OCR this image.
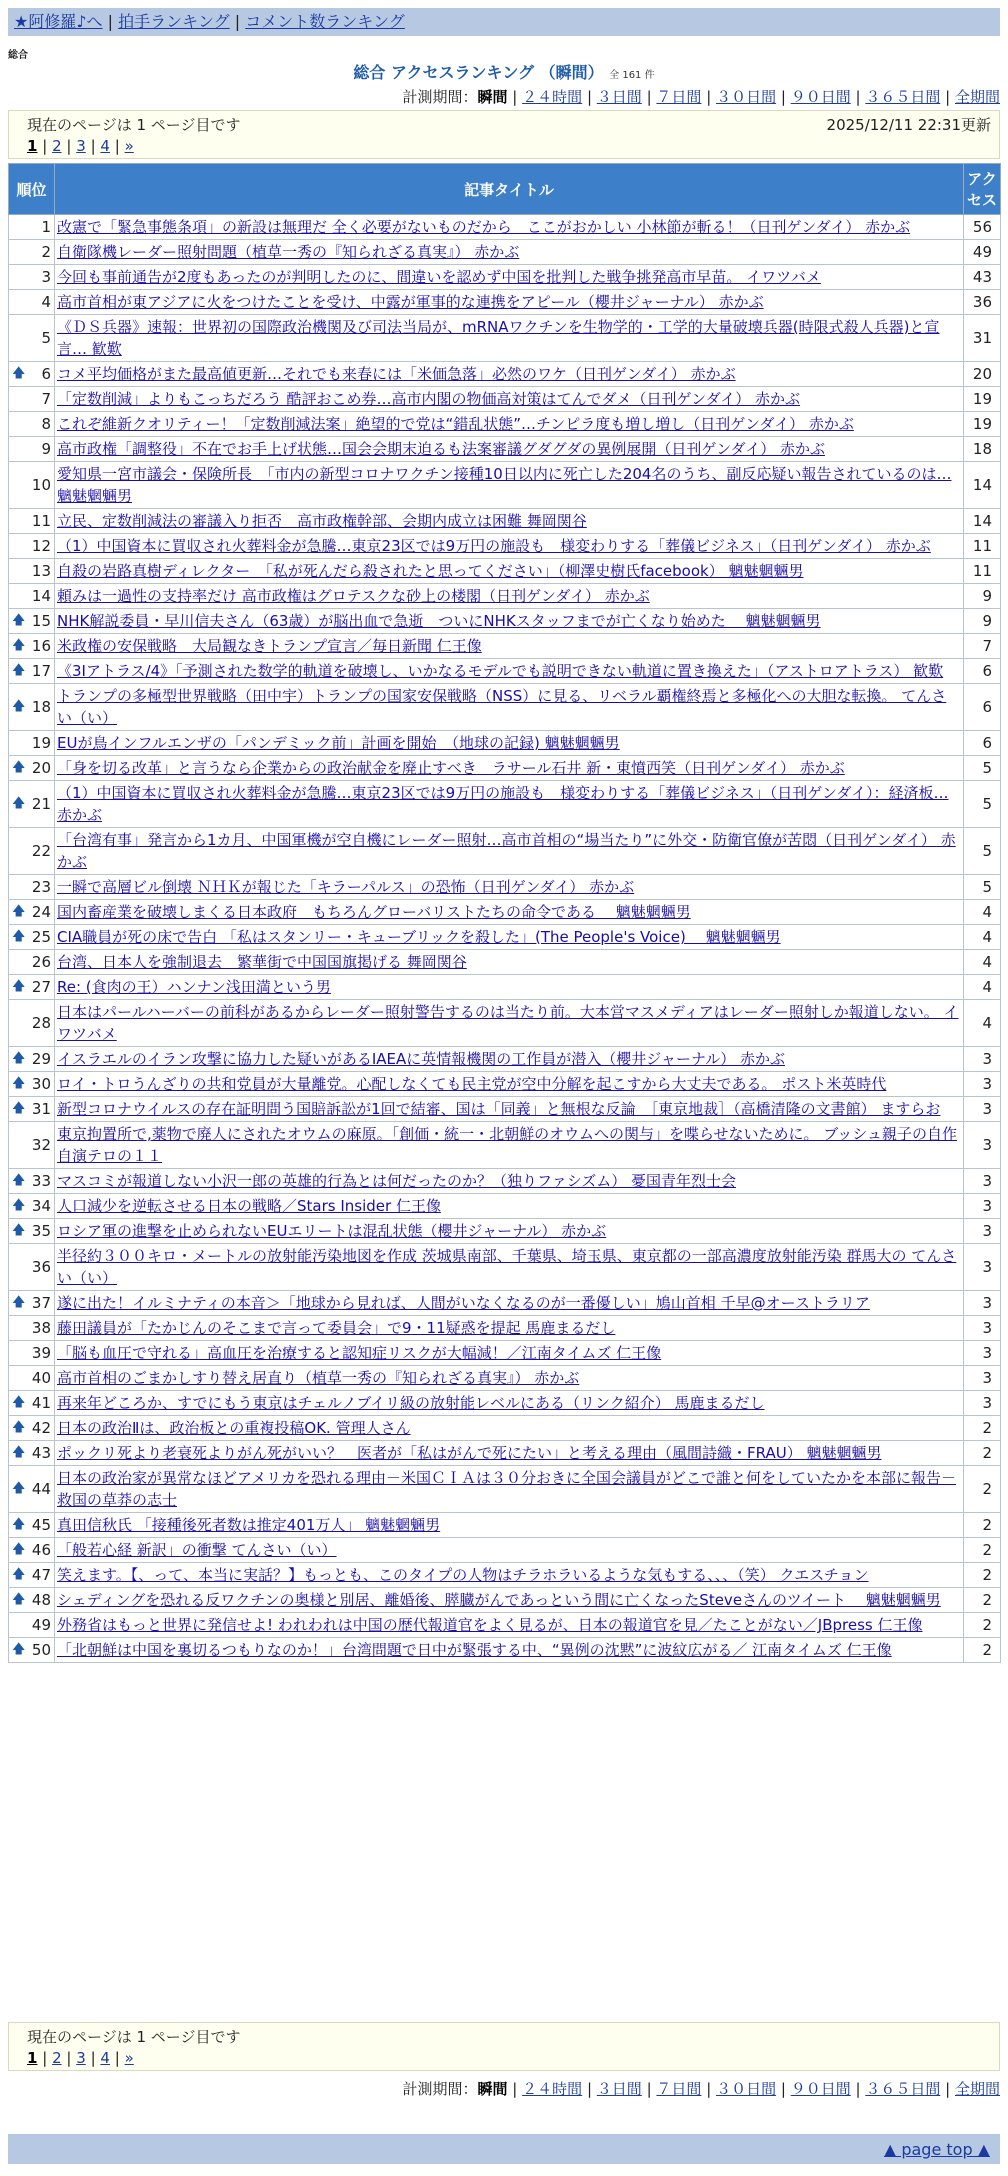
★阿修羅♪へ | 拍手ランキング | コメント数ランキング
総合
総合 アクセスランキング （瞬間） 全 161 件
計測期間：瞬間 | ２４時間 | ３日間 | ７日間 | ３０日間 | ９０日間 | ３６５日間 | 全期間
現在のページは 1 ページ目です	2025/12/11 22:31更新
1 | 2 | 3 | 4 | »
順位	記事タイトル	アクセス
1	改憲で「緊急事態条項」の新設は無理だ 全く必要がないものだから　ここがおかしい 小林節が斬る！（日刊ゲンダイ） 赤かぶ	56
2	自衛隊機レーダー照射問題（植草一秀の『知られざる真実』） 赤かぶ	49
3	今回も事前通告が2度もあったのが判明したのに、間違いを認めず中国を批判した戦争挑発高市早苗。 イワツバメ	43
4	高市首相が東アジアに火をつけたことを受け、中露が軍事的な連携をアピール（櫻井ジャーナル） 赤かぶ	36
5	《ＤＳ兵器》速報：世界初の国際政治機関及び司法当局が、mRNAワクチンを生物学的・工学的大量破壊兵器(時限式殺人兵器)と宣言… 歓歎	31

🡅 6	コメ平均価格がまた最高値更新…それでも来春には「米価急落」必然のワケ（日刊ゲンダイ） 赤かぶ	20
7	「定数削減」よりもこっちだろう 酷評おこめ券…高市内閣の物価高対策はてんでダメ（日刊ゲンダイ） 赤かぶ	19
8	これぞ維新クオリティー！「定数削減法案」絶望的で党は“錯乱状態”…チンピラ度も増し増し（日刊ゲンダイ） 赤かぶ	19
9	高市政権「調整役」不在でお手上げ状態…国会会期末迫るも法案審議グダグダの異例展開（日刊ゲンダイ） 赤かぶ	18
10	愛知県一宮市議会・保険所長　「市内の新型コロナワクチン接種10日以内に死亡した204名のうち、副反応疑い報告されているのは… 魑魅魍魎男	14
11	立民、定数削減法の審議入り拒否　高市政権幹部、会期内成立は困難 舞岡関谷	14
12	（1）中国資本に買収され火葬料金が急騰…東京23区では9万円の施設も　様変わりする「葬儀ビジネス」（日刊ゲンダイ） 赤かぶ	11
13	自殺の岩路真樹ディレクター　「私が死んだら殺されたと思ってください」（柳澤史樹氏facebook） 魑魅魍魎男	11
14	頼みは一過性の支持率だけ 高市政権はグロテスクな砂上の楼閣（日刊ゲンダイ） 赤かぶ	9

🡅 15	NHK解説委員・早川信夫さん（63歳）が脳出血で急逝　ついにNHKスタッフまでが亡くなり始めた　 魑魅魍魎男	9

🡅 16	米政権の安保戦略　大局観なきトランプ宣言／毎日新聞 仁王像	7

🡅 17	《3Iアトラス/4》「予測された数学的軌道を破壊し、いかなるモデルでも説明できない軌道に置き換えた」（アストロアトラス） 歓歎	6

🡅 18	トランプの多極型世界戦略（田中宇）トランプの国家安保戦略（NSS）に見る、リベラル覇権終焉と多極化への大胆な転換。 てんさい（い）	6
19	EUが鳥インフルエンザの「パンデミック前」計画を開始　（地球の記録) 魑魅魍魎男	6

🡅 20	「身を切る改革」と言うなら企業からの政治献金を廃止すべき　ラサール石井 新・東憤西笑（日刊ゲンダイ） 赤かぶ	5

🡅 21	（1）中国資本に買収され火葬料金が急騰…東京23区では9万円の施設も　様変わりする「葬儀ビジネス」（日刊ゲンダイ）：経済板… 赤かぶ	5
22	「台湾有事」発言から1カ月、中国軍機が空自機にレーダー照射…高市首相の“場当たり”に外交・防衛官僚が苦悶（日刊ゲンダイ） 赤かぶ	5
23	一瞬で高層ビル倒壊 ＮＨＫが報じた「キラーパルス」の恐怖（日刊ゲンダイ） 赤かぶ	5

🡅 24	国内畜産業を破壊しまくる日本政府　もちろんグローバリストたちの命令である　 魑魅魍魎男	4

🡅 25	CIA職員が死の床で告白 「私はスタンリー・キューブリックを殺した」(The People's Voice)　 魑魅魍魎男	4
26	台湾、日本人を強制退去　繁華街で中国国旗掲げる 舞岡関谷	4

🡅 27	Re: (食肉の王）ハンナン浅田満という男	4
28	日本はパールハーバーの前科があるからレーダー照射警告するのは当たり前。大本営マスメディアはレーダー照射しか報道しない。 イワツバメ	4

🡅 29	イスラエルのイラン攻撃に協力した疑いがあるIAEAに英情報機関の工作員が潜入（櫻井ジャーナル） 赤かぶ	3

🡅 30	ロイ・トロうんざりの共和党員が大量離党。心配しなくても民主党が空中分解を起こすから大丈夫である。 ポスト米英時代	3

🡅 31	新型コロナウイルスの存在証明問う国賠訴訟が1回で結審、国は「同義」と無根な反論　［東京地裁］（高橋清隆の文書館） ますらお	3
32	東京拘置所で,薬物で廃人にされたオウムの麻原。「創価・統一・北朝鮮のオウムへの関与」を喋らせないために。 ブッシュ親子の自作自演テロの１１	3

🡅 33	マスコミが報道しない小沢一郎の英雄的行為とは何だったのか？（独りファシズム） 憂国青年烈士会	3

🡅 34	人口減少を逆転させる日本の戦略／Stars Insider 仁王像	3

🡅 35	ロシア軍の進撃を止められないEUエリートは混乱状態（櫻井ジャーナル） 赤かぶ	3
36	半径約３００キロ・メートルの放射能汚染地図を作成 茨城県南部、千葉県、埼玉県、東京都の一部高濃度放射能汚染 群馬大の てんさい（い）	3

🡅 37	遂に出た！イルミナティの本音＞「地球から見れば、人間がいなくなるのが一番優しい」鳩山首相 千早@オーストラリア	3
38	藤田議員が「たかじんのそこまで言って委員会」で9・11疑惑を提起 馬鹿まるだし	3
39	「脳も血圧で守れる」高血圧を治療すると認知症リスクが大幅減！／江南タイムズ 仁王像	3
40	高市首相のごまかしすり替え居直り（植草一秀の『知られざる真実』） 赤かぶ	3

🡅 41	再来年どころか、すでにもう東京はチェルノブイリ級の放射能レベルにある（リンク紹介） 馬鹿まるだし	3

🡅 42	日本の政治Ⅱは、政治板との重複投稿OK. 管理人さん	2

🡅 43	ポックリ死より老衰死よりがん死がいい？　医者が「私はがんで死にたい」と考える理由（風間詩織・FRAU） 魑魅魍魎男	2

🡅 44	日本の政治家が異常なほどアメリカを恐れる理由－米国ＣＩＡは３０分おきに全国会議員がどこで誰と何をしていたかを本部に報告－ 救国の草莽の志士	2

🡅 45	真田信秋氏 「接種後死者数は推定401万人」 魑魅魍魎男	2

🡅 46	「般若心経 新訳」の衝撃 てんさい（い）	2

🡅 47	笑えます。【、って、本当に実話？】もっとも、このタイプの人物はチラホラいるような気もする、、、（笑） クエスチョン	2

🡅 48	シェディングを恐れる反ワクチンの奥様と別居、離婚後、膵臓がんであっという間に亡くなったSteveさんのツイート　 魑魅魍魎男	2
49	外務省はもっと世界に発信せよ! われわれは中国の歴代報道官をよく見るが、日本の報道官を見／たことがない／JBpress 仁王像	2

🡅 50	「北朝鮮は中国を裏切るつもりなのか！」台湾問題で日中が緊張する中、“異例の沈黙”に波紋広がる／ 江南タイムズ 仁王像	2
現在のページは 1 ページ目です
1 | 2 | 3 | 4 | »
計測期間：瞬間 | ２４時間 | ３日間 | ７日間 | ３０日間 | ９０日間 | ３６５日間 | 全期間
▲ page top ▲
